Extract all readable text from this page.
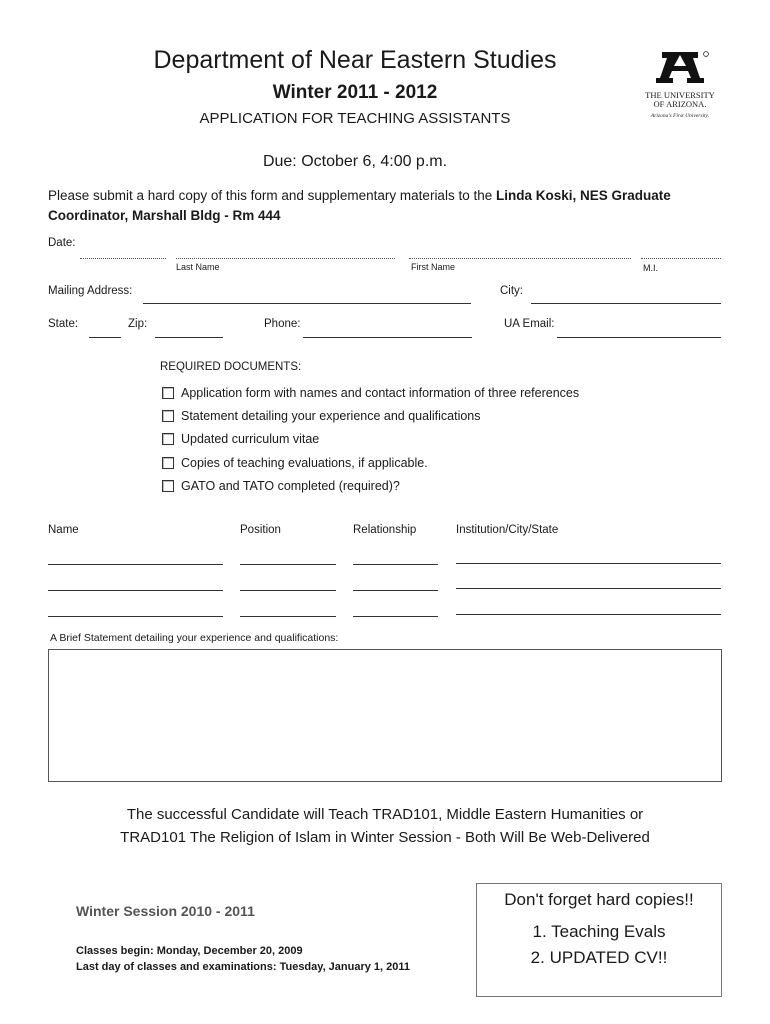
Department of Near Eastern Studies
Winter 2011 - 2012
APPLICATION FOR TEACHING ASSISTANTS
Due: October 6, 4:00 p.m.
THE UNIVERSITY
OF ARIZONA.
Arizona's First University.
Please submit a hard copy of this form and supplementary materials to the Linda Koski, NES Graduate Coordinator, Marshall Bldg - Rm 444
Date:
Last Name	First Name	M.I.
Mailing Address:	City:
State:	Zip:	Phone:	UA Email:
REQUIRED DOCUMENTS:
Application form with names and contact information of three references
Statement detailing your experience and qualifications
Updated curriculum vitae
Copies of teaching evaluations, if applicable.
GATO and TATO completed (required)?
Name	Position	Relationship	Institution/City/State
A Brief Statement detailing your experience and qualifications:
The successful Candidate will Teach TRAD101, Middle Eastern Humanities or TRAD101 The Religion of Islam in Winter Session - Both Will Be Web-Delivered
Winter Session 2010 - 2011
Classes begin: Monday, December 20, 2009
Last day of classes and examinations: Tuesday, January 1, 2011
Don't forget hard copies!!
1. Teaching Evals
2. UPDATED CV!!
